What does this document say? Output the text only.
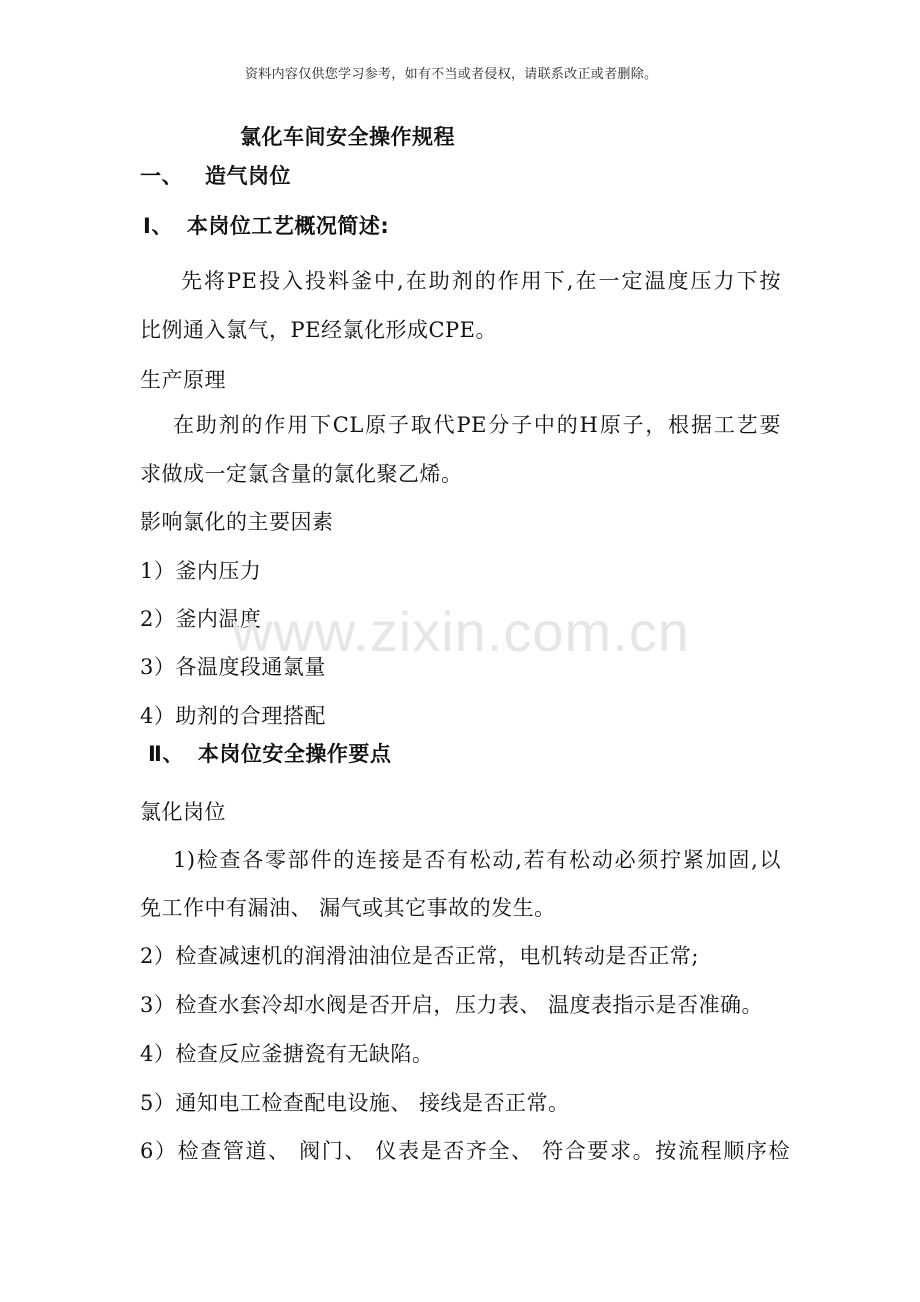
资料内容仅供您学习参考，如有不当或者侵权，请联系改正或者删除。
氯化车间安全操作规程
一、 造气岗位
Ⅰ、 本岗位工艺概况简述:
先将PE投入投料釜中,在助剂的作用下,在一定温度压力下按
比例通入氯气，PE经氯化形成CPE。
生产原理
在助剂的作用下CL原子取代PE分子中的H原子，根据工艺要
求做成一定氯含量的氯化聚乙烯。
影响氯化的主要因素
1）釜内压力
2）釜内温度
3）各温度段通氯量
4）助剂的合理搭配
www.zixin.com.cn
Ⅱ、 本岗位安全操作要点
氯化岗位
1)检查各零部件的连接是否有松动,若有松动必须拧紧加固,以
免工作中有漏油、 漏气或其它事故的发生。
2）检查减速机的润滑油油位是否正常，电机转动是否正常;
3）检查水套冷却水阀是否开启，压力表、 温度表指示是否准确。
4）检查反应釜搪瓷有无缺陷。
5）通知电工检查配电设施、 接线是否正常。
6）检查管道、 阀门、 仪表是否齐全、 符合要求。按流程顺序检
